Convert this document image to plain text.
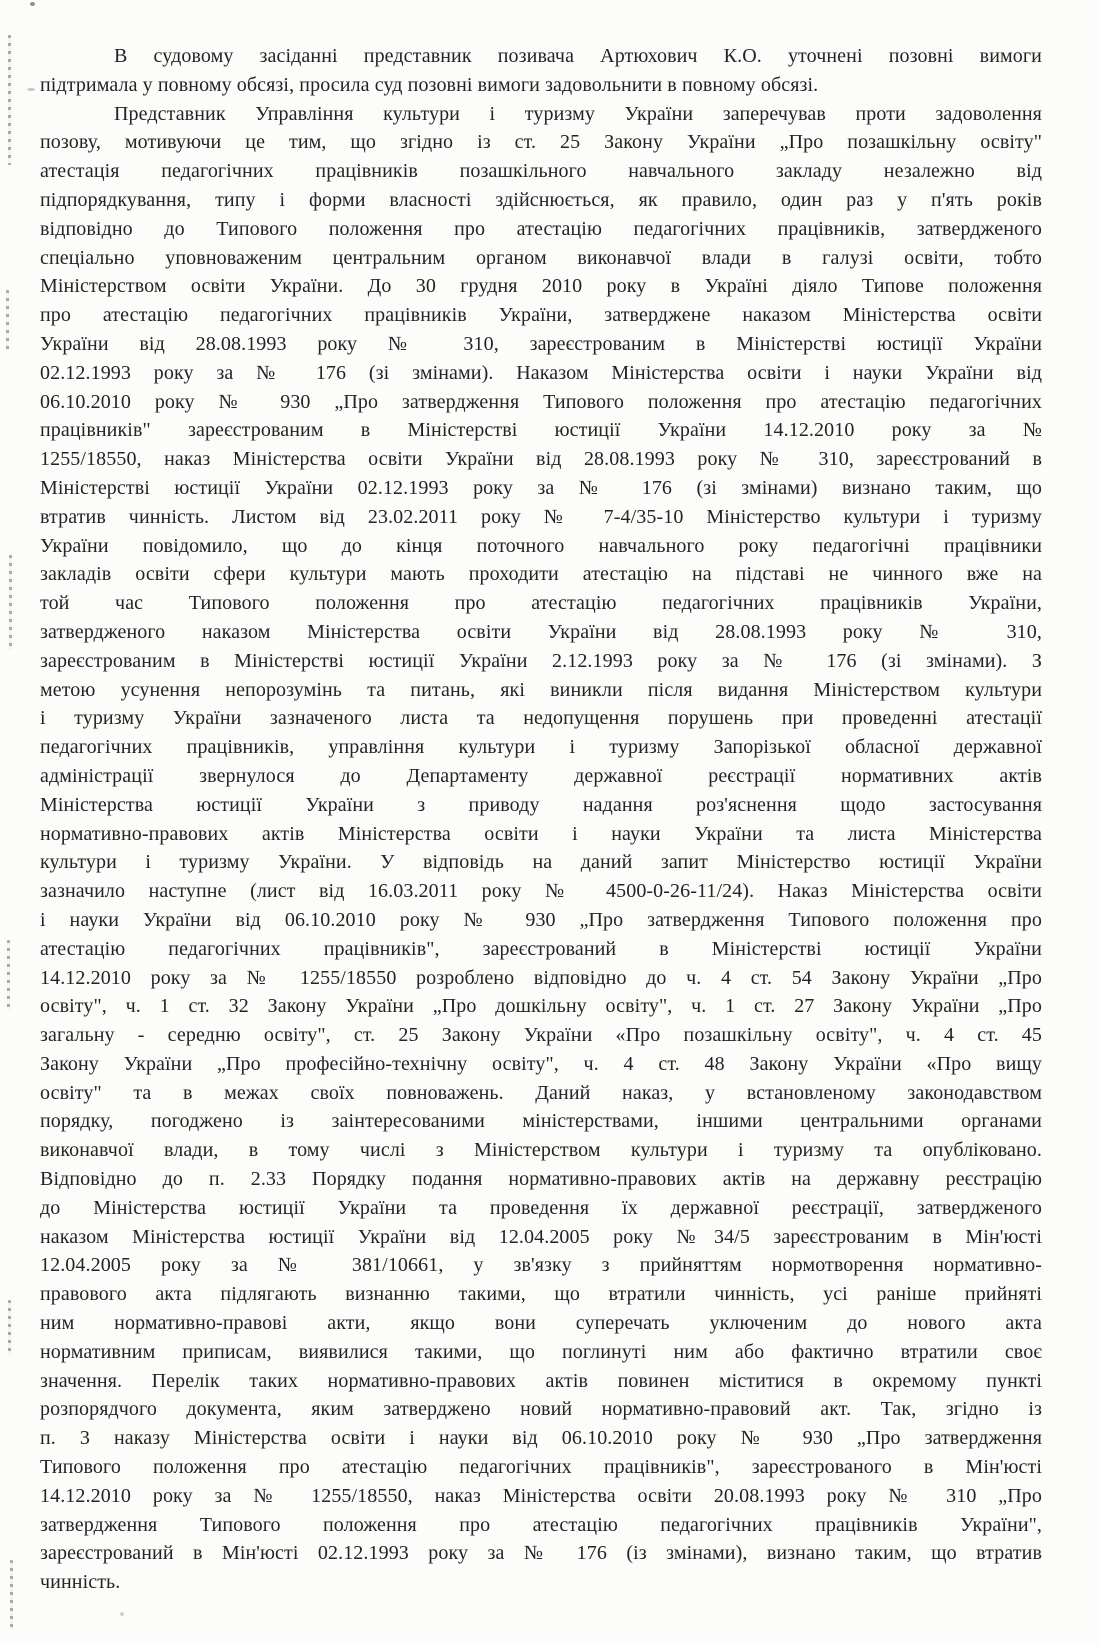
В судовому засіданні представник позивача Артюхович К.О. уточнені позовні вимоги
підтримала у повному обсязі, просила суд позовні вимоги задовольнити в повному обсязі.
Представник Управління культури і туризму України заперечував проти задоволення
позову, мотивуючи це тим, що згідно із ст. 25 Закону України „Про позашкільну освіту"
атестація педагогічних працівників позашкільного навчального закладу незалежно від
підпорядкування, типу і форми власності здійснюється, як правило, один раз у п'ять років
відповідно до Типового положення про атестацію педагогічних працівників, затвердженого
спеціально уповноваженим центральним органом виконавчої влади в галузі освіти, тобто
Міністерством освіти України. До 30 грудня 2010 року в Україні діяло Типове положення
про атестацію педагогічних працівників України, затверджене наказом Міністерства освіти
України від 28.08.1993 року № 310, зареєстрованим в Міністерстві юстиції України
02.12.1993 року за № 176 (зі змінами). Наказом Міністерства освіти і науки України від
06.10.2010 року № 930 „Про затвердження Типового положення про атестацію педагогічних
працівників" зареєстрованим в Міністерстві юстиції України 14.12.2010 року за №
1255/18550, наказ Міністерства освіти України від 28.08.1993 року № 310, зареєстрований в
Міністерстві юстиції України 02.12.1993 року за № 176 (зі змінами) визнано таким, що
втратив чинність. Листом від 23.02.2011 року № 7-4/35-10 Міністерство культури і туризму
України повідомило, що до кінця поточного навчального року педагогічні працівники
закладів освіти сфери культури мають проходити атестацію на підставі не чинного вже на
той час Типового положення про атестацію педагогічних працівників України,
затвердженого наказом Міністерства освіти України від 28.08.1993 року № 310,
зареєстрованим в Міністерстві юстиції України 2.12.1993 року за № 176 (зі змінами). З
метою усунення непорозумінь та питань, які виникли після видання Міністерством культури
і туризму України зазначеного листа та недопущення порушень при проведенні атестації
педагогічних працівників, управління культури і туризму Запорізької обласної державної
адміністрації звернулося до Департаменту державної реєстрації нормативних актів
Міністерства юстиції України з приводу надання роз'яснення щодо застосування
нормативно-правових актів Міністерства освіти і науки України та листа Міністерства
культури і туризму України. У відповідь на даний запит Міністерство юстиції України
зазначило наступне (лист від 16.03.2011 року № 4500-0-26-11/24). Наказ Міністерства освіти
і науки України від 06.10.2010 року № 930 „Про затвердження Типового положення про
атестацію педагогічних працівників", зареєстрований в Міністерстві юстиції України
14.12.2010 року за № 1255/18550 розроблено відповідно до ч. 4 ст. 54 Закону України „Про
освіту", ч. 1 ст. 32 Закону України „Про дошкільну освіту", ч. 1 ст. 27 Закону України „Про
загальну - середню освіту", ст. 25 Закону України «Про позашкільну освіту", ч. 4 ст. 45
Закону України „Про професійно-технічну освіту", ч. 4 ст. 48 Закону України «Про вищу
освіту" та в межах своїх повноважень. Даний наказ, у встановленому законодавством
порядку, погоджено із заінтересованими міністерствами, іншими центральними органами
виконавчої влади, в тому числі з Міністерством культури і туризму та опубліковано.
Відповідно до п. 2.33 Порядку подання нормативно-правових актів на державну реєстрацію
до Міністерства юстиції України та проведення їх державної реєстрації, затвердженого
наказом Міністерства юстиції України від 12.04.2005 року №34/5 зареєстрованим в Мін'юсті
12.04.2005 року за № 381/10661, у зв'язку з прийняттям нормотворення нормативно-
правового акта підлягають визнанню такими, що втратили чинність, усі раніше прийняті
ним нормативно-правові акти, якщо вони суперечать уключеним до нового акта
нормативним приписам, виявилися такими, що поглинуті ним або фактично втратили своє
значення. Перелік таких нормативно-правових актів повинен міститися в окремому пункті
розпорядчого документа, яким затверджено новий нормативно-правовий акт. Так, згідно із
п. 3 наказу Міністерства освіти і науки від 06.10.2010 року № 930 „Про затвердження
Типового положення про атестацію педагогічних працівників", зареєстрованого в Мін'юсті
14.12.2010 року за № 1255/18550, наказ Міністерства освіти 20.08.1993 року № 310 „Про
затвердження Типового положення про атестацію педагогічних працівників України",
зареєстрований в Мін'юсті 02.12.1993 року за № 176 (із змінами), визнано таким, що втратив
чинність.
